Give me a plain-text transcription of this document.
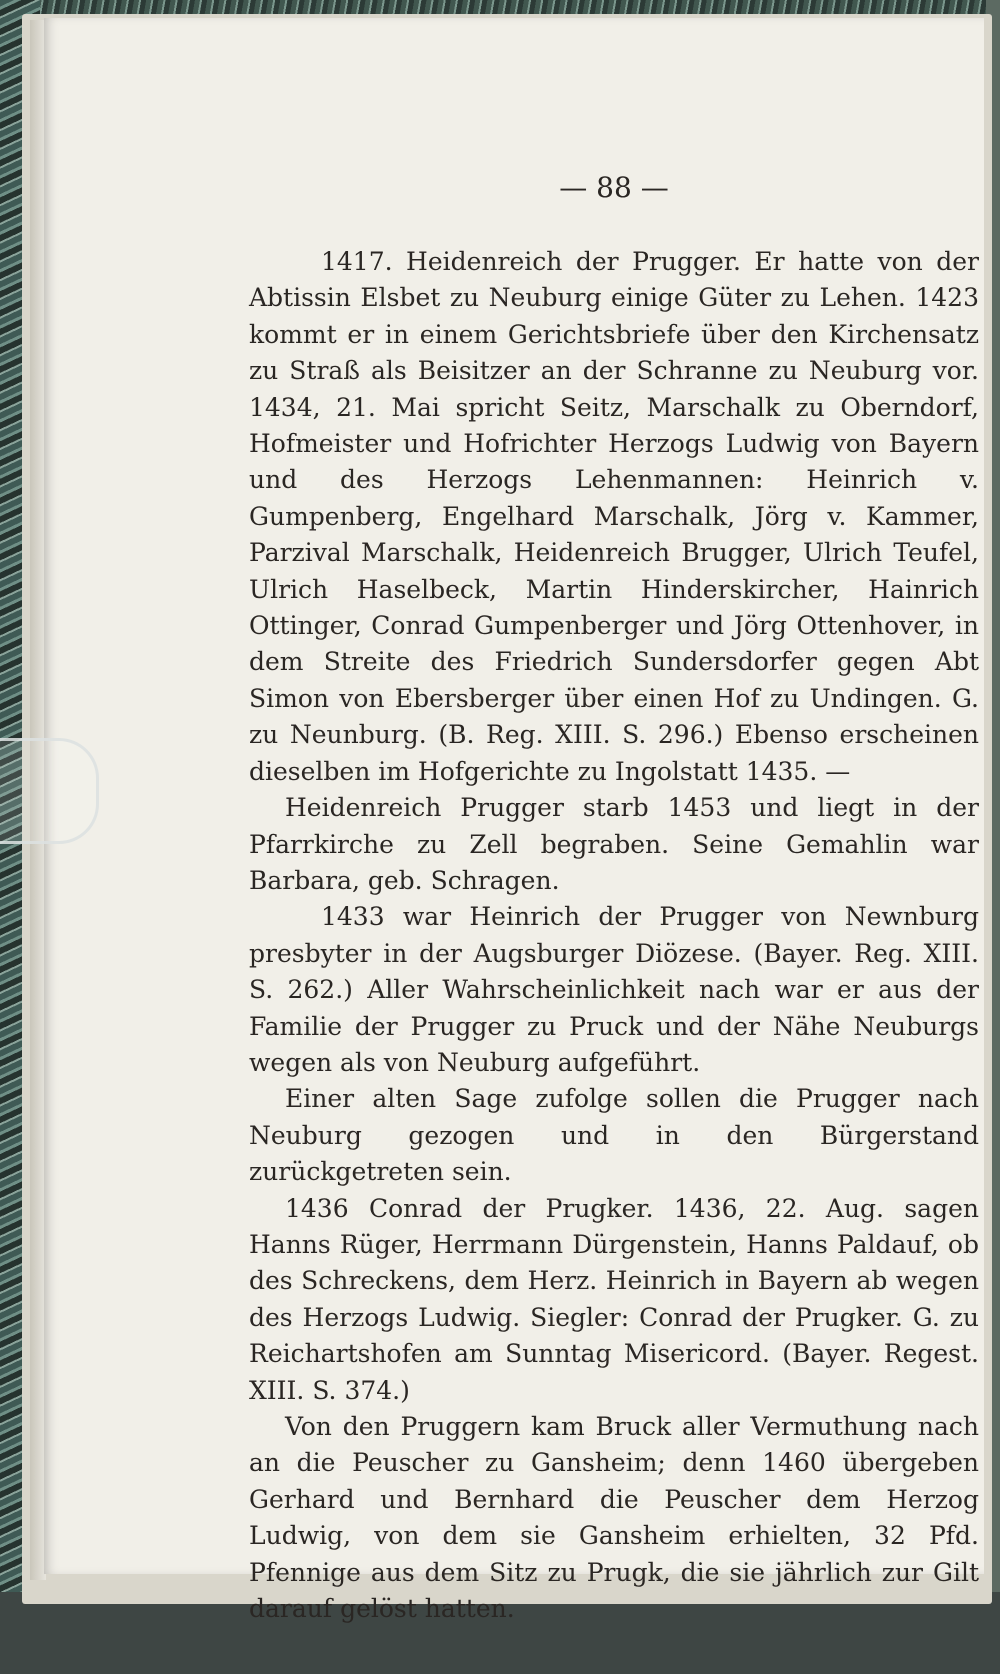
— 88 —

1417. Heidenreich der Prugger. Er hatte von der Abtissin Elsbet zu Neuburg einige Güter zu Lehen. 1423 kommt er in einem Gerichtsbriefe über den Kirchensatz zu Straß als Beisitzer an der Schranne zu Neuburg vor. 1434, 21. Mai spricht Seitz, Marschalk zu Oberndorf, Hofmeister und Hofrichter Herzogs Ludwig von Bayern und des Herzogs Lehenmannen: Heinrich v. Gumpenberg, Engelhard Marschalk, Jörg v. Kammer, Parzival Marschalk, Heidenreich Brugger, Ulrich Teufel, Ulrich Haselbeck, Martin Hinderskircher, Hainrich Ottinger, Conrad Gumpenberger und Jörg Ottenhover, in dem Streite des Friedrich Sundersdorfer gegen Abt Simon von Ebersberger über einen Hof zu Undingen. G. zu Neunburg. (B. Reg. XIII. S. 296.) Ebenso erscheinen dieselben im Hofgerichte zu Ingolstatt 1435. —

Heidenreich Prugger starb 1453 und liegt in der Pfarrkirche zu Zell begraben. Seine Gemahlin war Barbara, geb. Schragen.

1433 war Heinrich der Prugger von Newnburg presbyter in der Augsburger Diözese. (Bayer. Reg. XIII. S. 262.) Aller Wahrscheinlichkeit nach war er aus der Familie der Prugger zu Pruck und der Nähe Neuburgs wegen als von Neuburg aufgeführt.

Einer alten Sage zufolge sollen die Prugger nach Neuburg gezogen und in den Bürgerstand zurückgetreten sein.

1436 Conrad der Prugker. 1436, 22. Aug. sagen Hanns Rüger, Herrmann Dürgenstein, Hanns Paldauf, ob des Schreckens, dem Herz. Heinrich in Bayern ab wegen des Herzogs Ludwig. Siegler: Conrad der Prugker. G. zu Reichartshofen am Sunntag Misericord. (Bayer. Regest. XIII. S. 374.)

Von den Pruggern kam Bruck aller Vermuthung nach an die Peuscher zu Gansheim; denn 1460 übergeben Gerhard und Bernhard die Peuscher dem Herzog Ludwig, von dem sie Gansheim erhielten, 32 Pfd. Pfennige aus dem Sitz zu Prugk, die sie jährlich zur Gilt darauf gelöst hatten.
